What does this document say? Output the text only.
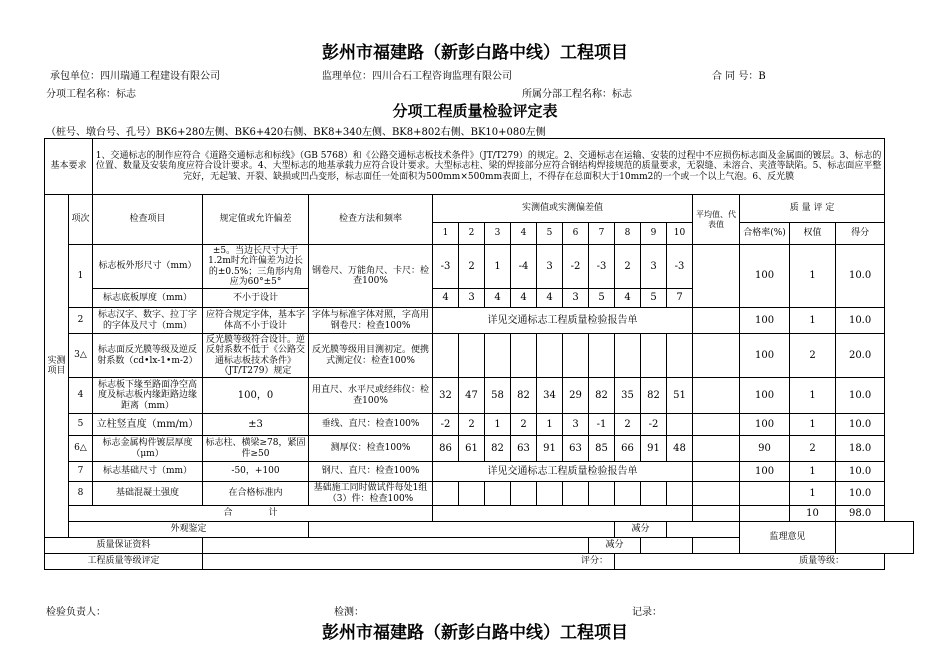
彭州市福建路（新彭白路中线）工程项目
承包单位：四川瑞通工程建设有限公司	监理单位：四川合石工程咨询监理有限公司	合 同 号：B
分项工程名称：标志	所属分部工程名称：标志
分项工程质量检验评定表
（桩号、墩台号、孔号）BK6+280左侧、BK6+420右侧、BK8+340左侧、BK8+802右侧、BK10+080左侧
基本要求		1、交通标志的制作应符合《道路交通标志和标线》（GB 5768）和《公路交通标志板技术条件》（JT/T279）的规定。2、交通标志在运输、安装的过程中不应损伤标志面及金属面的镀层。3、标志的位置、数量及安装角度应符合设计要求。4、大型标志的地基承载力应符合设计要求。大型标志柱、梁的焊接部分应符合钢结构焊接规范的质量要求，无裂缝、未溶合、夹渣等缺陷。5、标志面应平整完好，无起皱、开裂、缺损或凹凸变形，标志面任一处面积为500mm×500mm表面上，不得存在总面积大于10mm2的一个或一个以上气泡。6、反光膜																
实测项目	项次	检查项目	规定值或允许偏差	检查方法和频率	实测值或实测偏差值										平均值、代表值	质 量 评 定		
					1	2	3	4	5	6	7	8	9	10		合格率(%)	权值	得分
	1	标志板外形尺寸（mm）	±5。当边长尺寸大于1.2m时允许偏差为边长的±0.5%；三角形内角应为60°±5°	钢卷尺、万能角尺、卡尺：检查100%	-3	2	1	-4	3	-2	-3	2	3	-3		100	1	10.0
		标志底板厚度（mm）	不小于设计		4	3	4	4	4	3	5	4	5	7				
	2	标志汉字、数字、拉丁字的字体及尺寸（mm）	应符合规定字体，基本字体高不小于设计	字体与标准字体对照，字高用钢卷尺：检查100%	详见交通标志工程质量检验报告单											100	1	10.0
	3△	标志面反光膜等级及逆反射系数（cd•lx-1•m-2）	反光膜等级符合设计。逆反射系数不低于《公路交通标志板技术条件》（JT/T279）规定	反光膜等级用目测初定。便携式测定仪：检查100%												100	2	20.0
	4	标志板下缘至路面净空高度及标志板内缘距路边缘距离（mm）	100，0	用直尺、水平尺或经纬仪：检查100%	32	47	58	82	34	29	82	35	82	51		100	1	10.0
	5	立柱竖直度（mm/m）	±3	垂线、直尺：检查100%	-2	2	1	2	1	3	-1	2	-2			100	1	10.0
	6△	标志金属构件镀层厚度（μm）	标志柱、横梁≥78，紧固件≥50	测厚仪：检查100%	86	61	82	63	91	63	85	66	91	48		90	2	18.0
	7	标志基础尺寸（mm）	-50，+100	钢尺、直尺：检查100%	详见交通标志工程质量检验报告单											100	1	10.0
	8	基础混凝土强度	在合格标准内	基础施工同时做试件每处1组（3）件：检查100%													1	10.0
	合　　　　计																10	98.0
	外观鉴定											减分				监理意见		
质量保证资料											减分							
工程质量等级评定			评分：									质量等级：						
检验负责人：	检测：	记录：
彭州市福建路（新彭白路中线）工程项目
